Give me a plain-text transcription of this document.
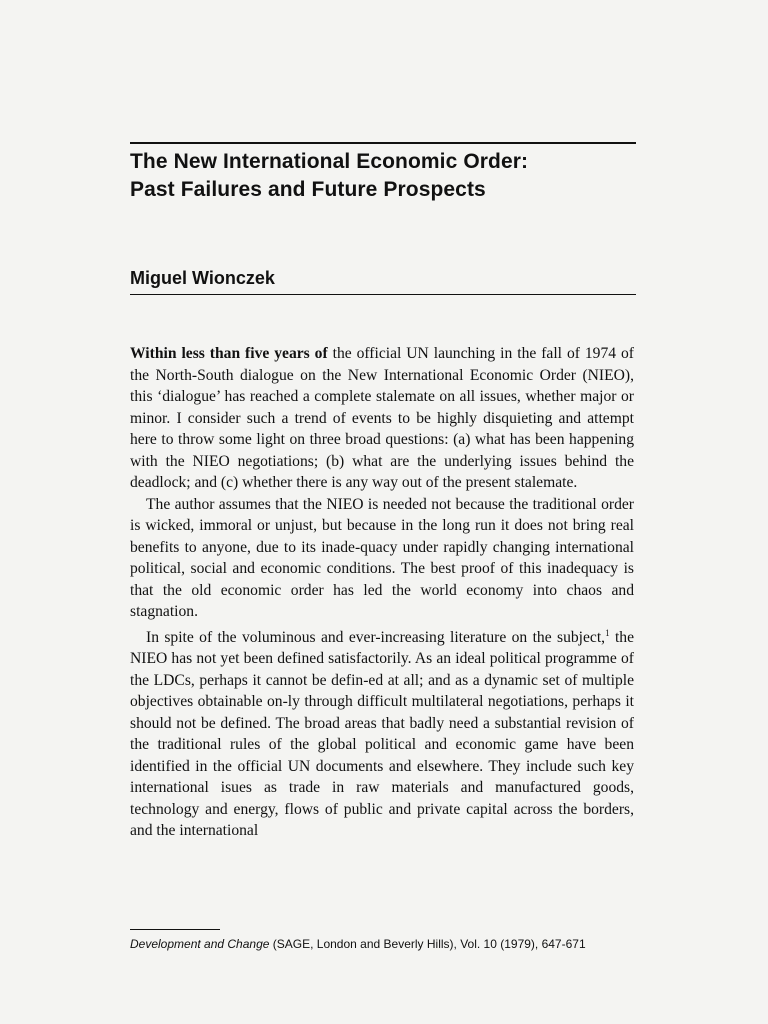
The New International Economic Order:
Past Failures and Future Prospects
Miguel Wionczek

Within less than five years of the official UN launching in the fall of 1974 of the North-South dialogue on the New International Economic Order (NIEO), this ‘dialogue’ has reached a complete stalemate on all issues, whether major or minor. I consider such a trend of events to be highly disquieting and attempt here to throw some light on three broad questions: (a) what has been happening with the NIEO negotiations; (b) what are the underlying issues behind the deadlock; and (c) whether there is any way out of the present stalemate.

The author assumes that the NIEO is needed not because the traditional order is wicked, immoral or unjust, but because in the long run it does not bring real benefits to anyone, due to its inade-quacy under rapidly changing international political, social and economic conditions. The best proof of this inadequacy is that the old economic order has led the world economy into chaos and stagnation.

In spite of the voluminous and ever-increasing literature on the subject,$^1$ the NIEO has not yet been defined satisfactorily. As an ideal political programme of the LDCs, perhaps it cannot be defin-ed at all; and as a dynamic set of multiple objectives obtainable on-ly through difficult multilateral negotiations, perhaps it should not be defined. The broad areas that badly need a substantial revision of the traditional rules of the global political and economic game have been identified in the official UN documents and elsewhere. They include such key international isues as trade in raw materials and manufactured goods, technology and energy, flows of public and private capital across the borders, and the international

Development and Change (SAGE, London and Beverly Hills), Vol. 10 (1979), 647-671
